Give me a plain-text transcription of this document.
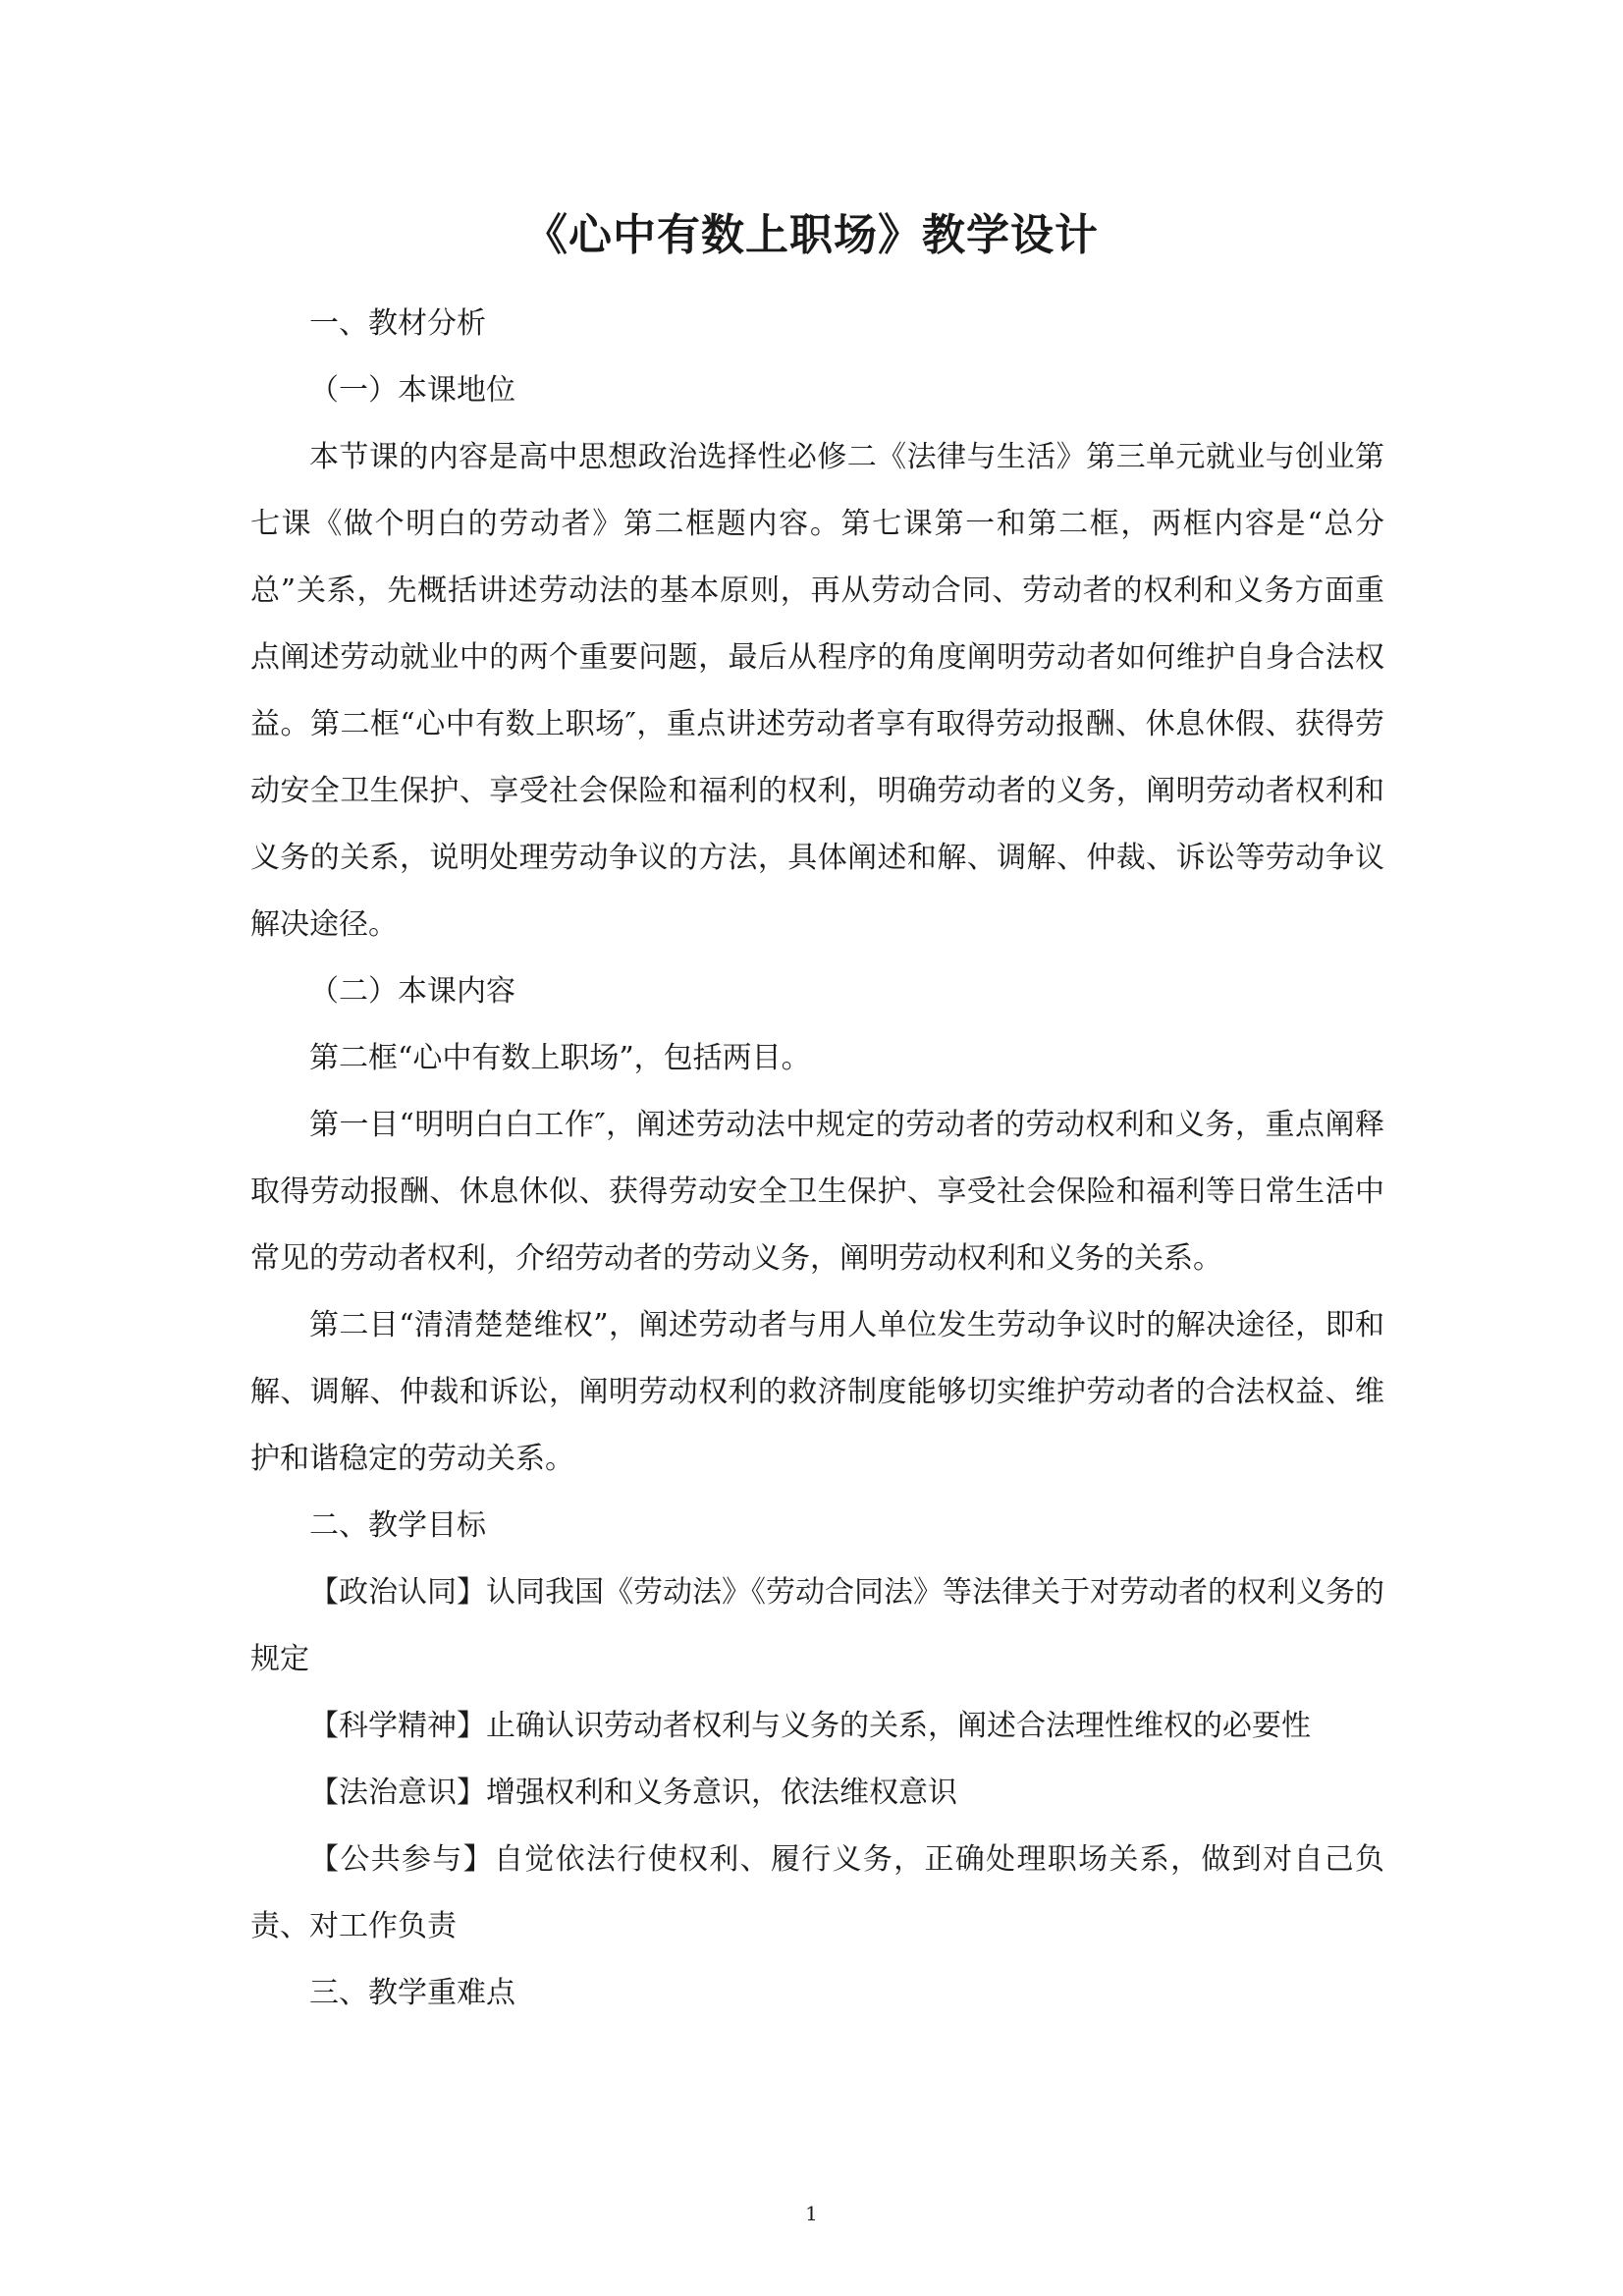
《心中有数上职场》教学设计

一、教材分析

（一）本课地位

本节课的内容是高中思想政治选择性必修二《法律与生活》第三单元就业与创业第七课《做个明白的劳动者》第二框题内容。第七课第一和第二框，两框内容是“总分总”关系，先概括讲述劳动法的基本原则，再从劳动合同、劳动者的权利和义务方面重点阐述劳动就业中的两个重要问题，最后从程序的角度阐明劳动者如何维护自身合法权益。第二框“心中有数上职场″，重点讲述劳动者享有取得劳动报酬、休息休假、获得劳动安全卫生保护、享受社会保险和福利的权利，明确劳动者的义务，阐明劳动者权利和义务的关系，说明处理劳动争议的方法，具体阐述和解、调解、仲裁、诉讼等劳动争议解决途径。

（二）本课内容

第二框“心中有数上职场”，包括两目。

第一目“明明白白工作″，阐述劳动法中规定的劳动者的劳动权利和义务，重点阐释取得劳动报酬、休息休似、获得劳动安全卫生保护、享受社会保险和福利等日常生活中常见的劳动者权利，介绍劳动者的劳动义务，阐明劳动权利和义务的关系。

第二目“清清楚楚维权”，阐述劳动者与用人单位发生劳动争议时的解决途径，即和解、调解、仲裁和诉讼，阐明劳动权利的救济制度能够切实维护劳动者的合法权益、维护和谐稳定的劳动关系。

二、教学目标

【政治认同】认同我国《劳动法》《劳动合同法》等法律关于对劳动者的权利义务的规定

【科学精神】止确认识劳动者权利与义务的关系，阐述合法理性维权的必要性

【法治意识】增强权利和义务意识，依法维权意识

【公共参与】自觉依法行使权利、履行义务，正确处理职场关系，做到对自己负责、对工作负责

三、教学重难点

1
